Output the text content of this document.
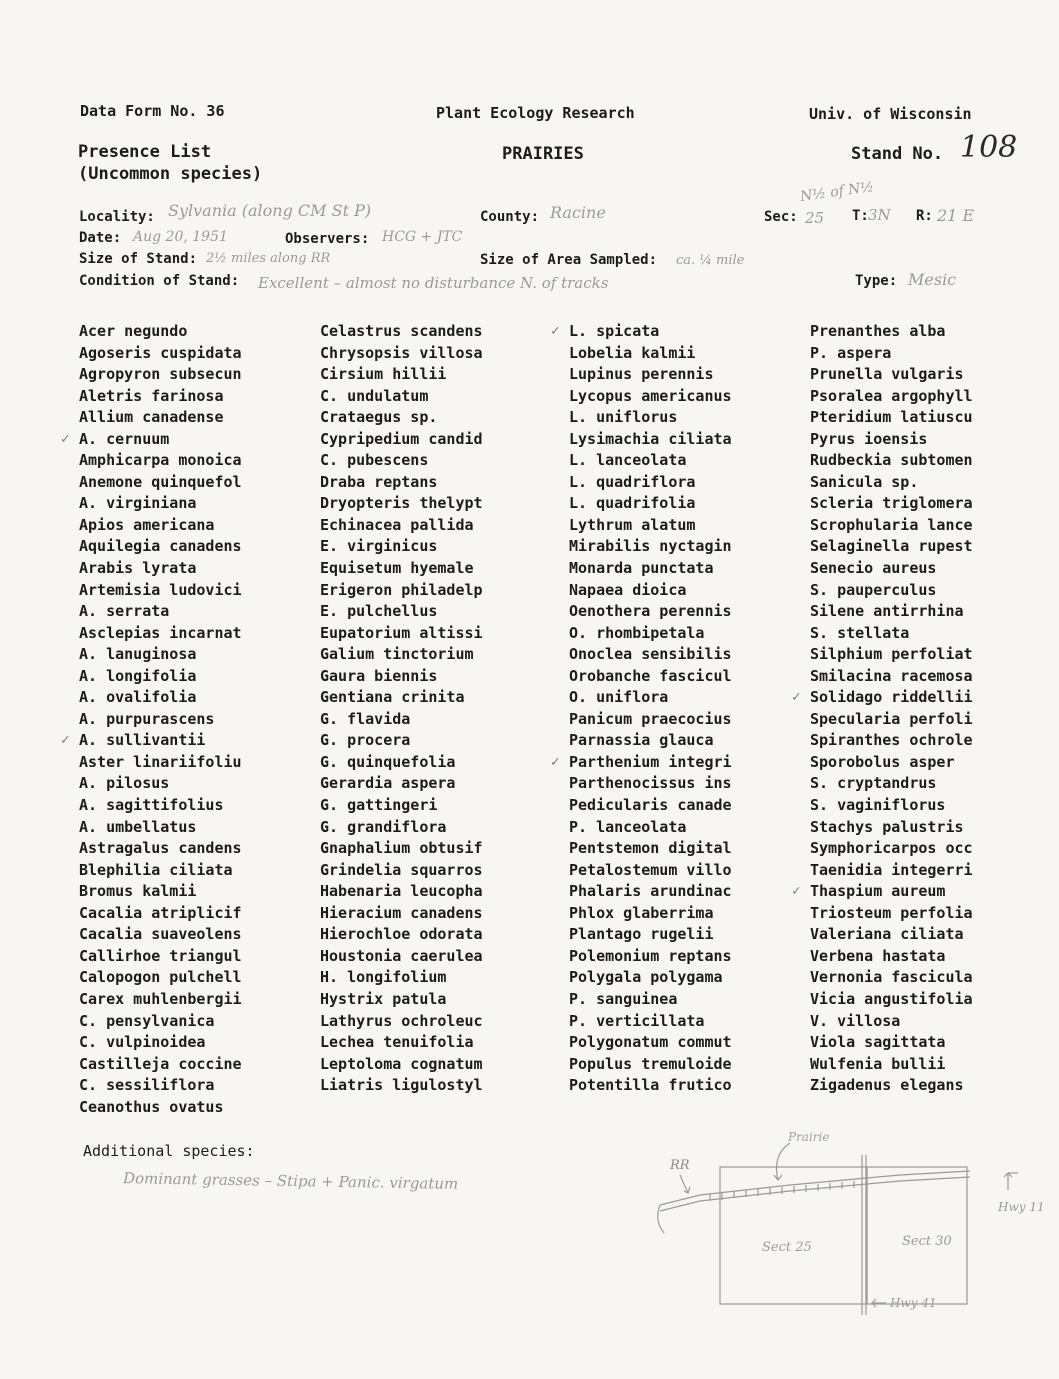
Data Form No. 36	Plant Ecology Research	Univ. of Wisconsin
Presence List
(Uncommon species)
PRAIRIES	Stand No. 108
N½ of N½
Locality: Sylvania (along CM St P)	County: Racine	Sec: 25 T: 3N R: 21 E
Date: Aug 20, 1951	Observers: HCG + JTC
Size of Stand: 2½ miles along RR	Size of Area Sampled: ca. ¼ mile
Condition of Stand: Excellent – almost no disturbance N. of tracks	Type: Mesic
Acer negundo
Agoseris cuspidata
Agropyron subsecun
Aletris farinosa
Allium canadense
A. cernuum
✓
Amphicarpa monoica
Anemone quinquefol
A. virginiana
Apios americana
Aquilegia canadens
Arabis lyrata
Artemisia ludovici
A. serrata
Asclepias incarnat
A. lanuginosa
A. longifolia
A. ovalifolia
A. purpurascens
A. sullivantii
✓
Aster linariifoliu
A. pilosus
A. sagittifolius
A. umbellatus
Astragalus candens
Blephilia ciliata
Bromus kalmii
Cacalia atriplicif
Cacalia suaveolens
Callirhoe triangul
Calopogon pulchell
Carex muhlenbergii
C. pensylvanica
C. vulpinoidea
Castilleja coccine
C. sessiliflora
Ceanothus ovatus
Celastrus scandens
Chrysopsis villosa
Cirsium hillii
C. undulatum
Crataegus sp.
Cypripedium candid
C. pubescens
Draba reptans
Dryopteris thelypt
Echinacea pallida
E. virginicus
Equisetum hyemale
Erigeron philadelp
E. pulchellus
Eupatorium altissi
Galium tinctorium
Gaura biennis
Gentiana crinita
G. flavida
G. procera
G. quinquefolia
Gerardia aspera
G. gattingeri
G. grandiflora
Gnaphalium obtusif
Grindelia squarros
Habenaria leucopha
Hieracium canadens
Hierochloe odorata
Houstonia caerulea
H. longifolium
Hystrix patula
Lathyrus ochroleuc
Lechea tenuifolia
Leptoloma cognatum
Liatris ligulostyl
L. spicata
✓
Lobelia kalmii
Lupinus perennis
Lycopus americanus
L. uniflorus
Lysimachia ciliata
L. lanceolata
L. quadriflora
L. quadrifolia
Lythrum alatum
Mirabilis nyctagin
Monarda punctata
Napaea dioica
Oenothera perennis
O. rhombipetala
Onoclea sensibilis
Orobanche fascicul
O. uniflora
Panicum praecocius
Parnassia glauca
Parthenium integri
✓
Parthenocissus ins
Pedicularis canade
P. lanceolata
Pentstemon digital
Petalostemum villo
Phalaris arundinac
Phlox glaberrima
Plantago rugelii
Polemonium reptans
Polygala polygama
P. sanguinea
P. verticillata
Polygonatum commut
Populus tremuloide
Potentilla frutico
Prenanthes alba
P. aspera
Prunella vulgaris
Psoralea argophyll
Pteridium latiuscu
Pyrus ioensis
Rudbeckia subtomen
Sanicula sp.
Scleria triglomera
Scrophularia lance
Selaginella rupest
Senecio aureus
S. pauperculus
Silene antirrhina
S. stellata
Silphium perfoliat
Smilacina racemosa
Solidago riddellii
✓
Specularia perfoli
Spiranthes ochrole
Sporobolus asper
S. cryptandrus
S. vaginiflorus
Stachys palustris
Symphoricarpos occ
Taenidia integerri
Thaspium aureum
✓
Triosteum perfolia
Valeriana ciliata
Verbena hastata
Vernonia fascicula
Vicia angustifolia
V. villosa
Viola sagittata
Wulfenia bullii
Zigadenus elegans
Additional species:
Dominant grasses – Stipa + Panic. virgatum
Prairie
RR
Sect 25	Sect 30
Hwy 11
Hwy 41
